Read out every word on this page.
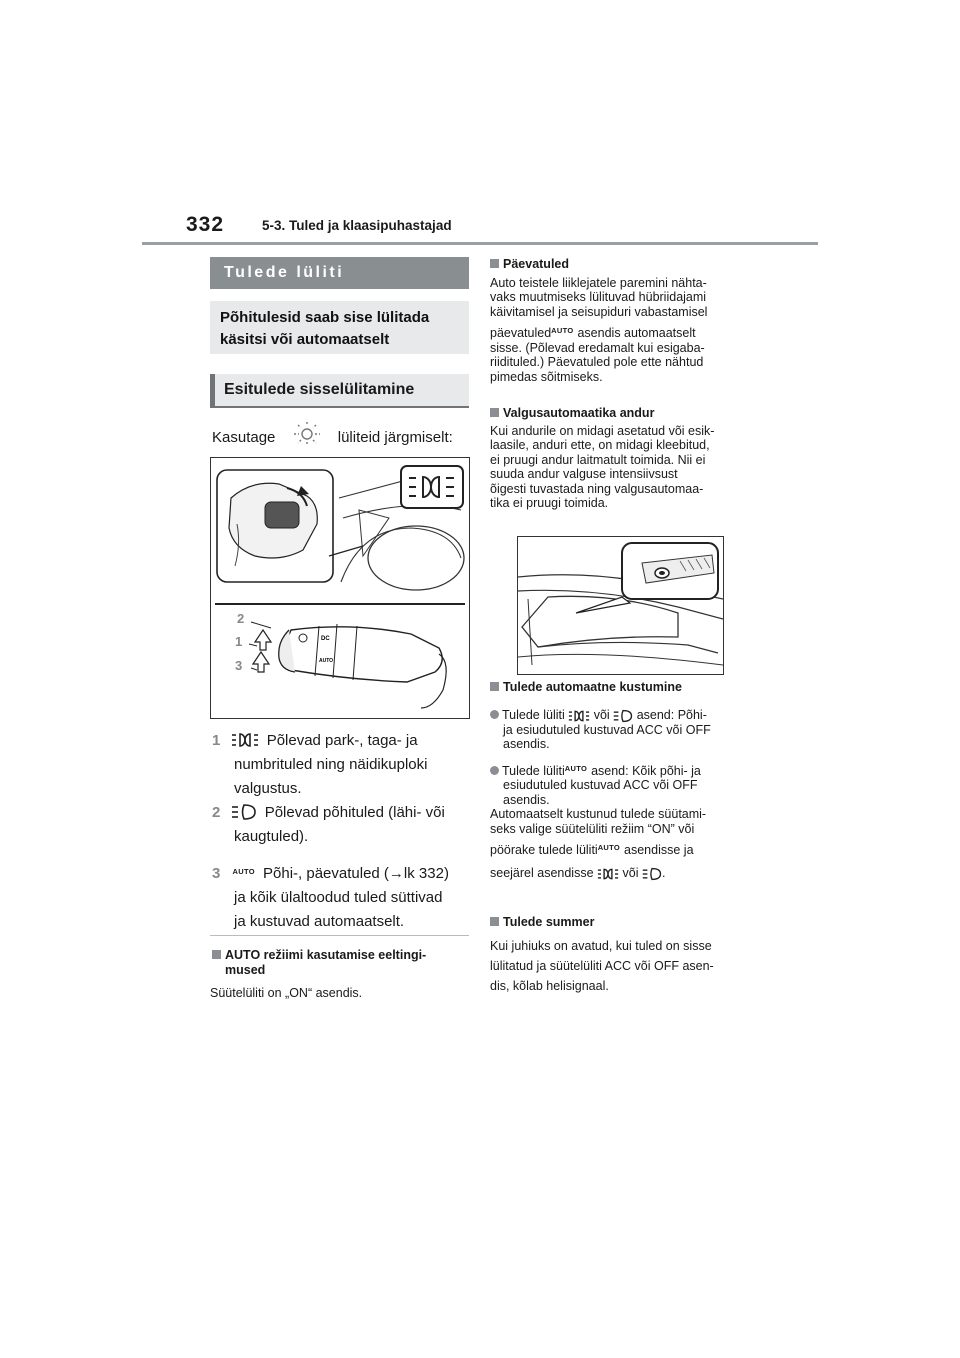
332	5-3. Tuled ja klaasipuhastajad
Tulede lüliti
Põhitulesid saab sise lülitada
käsitsi või automaatselt
Esitulede sisselülitamine
Kasutage	lüliteid järgmiselt:
DC
AUTO
2
1
3
1	Põlevad park-, taga- ja
numbrituled ning näidikuploki
valgustus.
2	Põlevad põhituled (lähi- või
kaugtuled).
3 $^{AUTO}$ Põhi-, päevatuled (→lk 332)
ja kõik ülaltoodud tuled süttivad
ja kustuvad automaatselt.
AUTO režiimi kasutamise eeltingi-
mused
Süütelüliti on „ON“ asendis.
Päevatuled
Auto teistele liiklejatele paremini nähta-
vaks muutmiseks lülituvad hübriidajami
käivitamisel ja seisupiduri vabastamisel
päevatuled$^{AUTO}$ asendis automaatselt
sisse. (Põlevad eredamalt kui esigaba-
riidituled.) Päevatuled pole ette nähtud
pimedas sõitmiseks.
Valgusautomaatika andur
Kui andurile on midagi asetatud või esik-
laasile, anduri ette, on midagi kleebitud,
ei pruugi andur laitmatult toimida. Nii ei
suuda andur valguse intensiivsust
õigesti tuvastada ning valgusautomaa-
tika ei pruugi toimida.
Tulede automaatne kustumine
Tulede lüliti või asend: Põhi-
ja esiudutuled kustuvad ACC või OFF
asendis.
Tulede lüliti$^{AUTO}$ asend: Kõik põhi- ja
esiudutuled kustuvad ACC või OFF
asendis.
Automaatselt kustunud tulede süütami-
seks valige süütelüliti režiim “ON” või
pöörake tulede lüliti$^{AUTO}$ asendisse ja
seejärel asendisse või .
Tulede summer
Kui juhiuks on avatud, kui tuled on sisse
lülitatud ja süütelüliti ACC või OFF asen-
dis, kõlab helisignaal.
